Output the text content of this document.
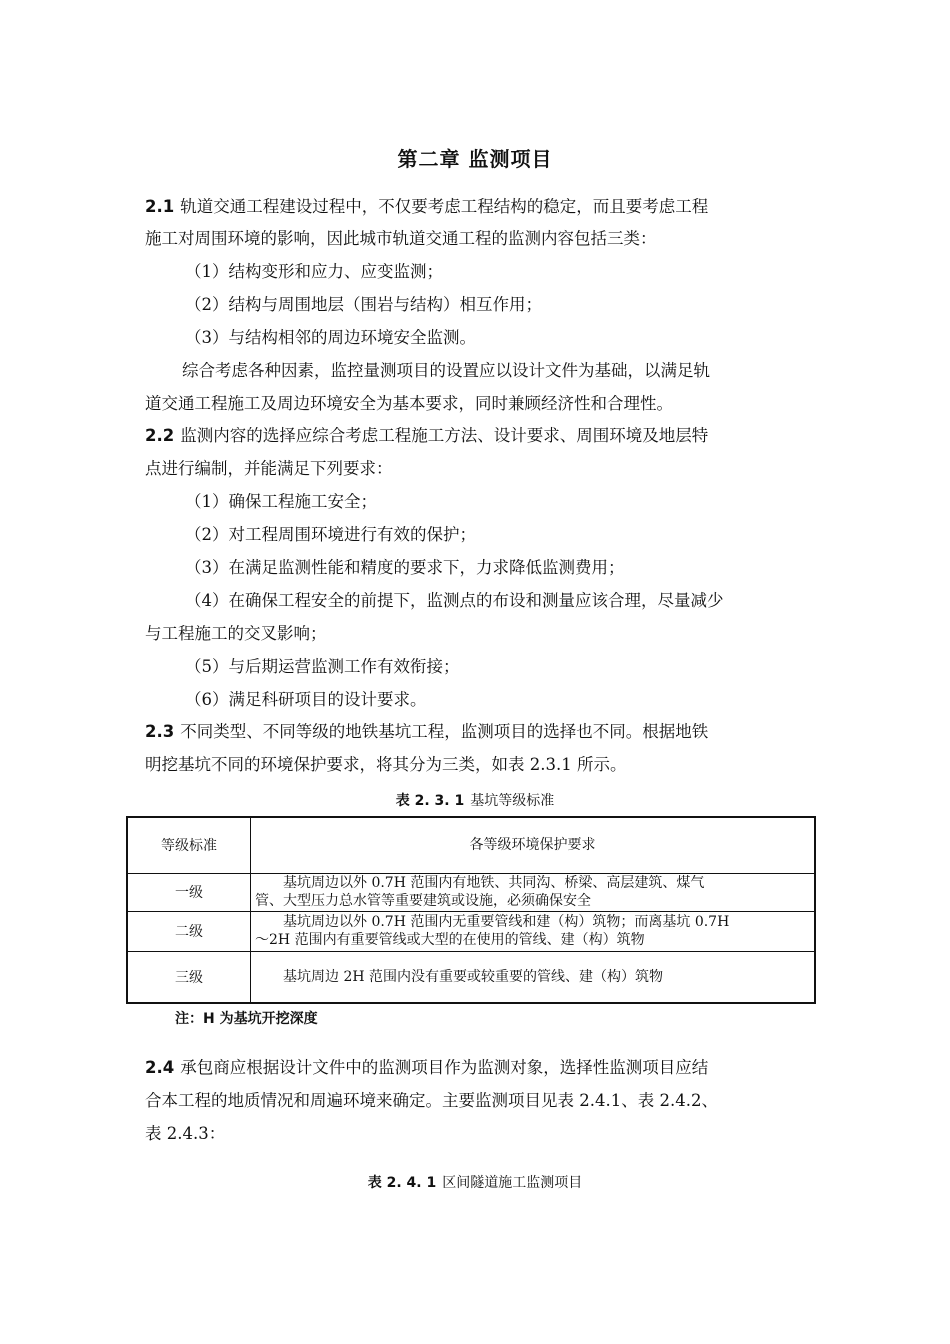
第二章 监测项目
2.1 轨道交通工程建设过程中，不仅要考虑工程结构的稳定，而且要考虑工程
施工对周围环境的影响，因此城市轨道交通工程的监测内容包括三类：
（1）结构变形和应力、应变监测；
（2）结构与周围地层（围岩与结构）相互作用；
（3）与结构相邻的周边环境安全监测。
综合考虑各种因素，监控量测项目的设置应以设计文件为基础，以满足轨
道交通工程施工及周边环境安全为基本要求，同时兼顾经济性和合理性。
2.2 监测内容的选择应综合考虑工程施工方法、设计要求、周围环境及地层特
点进行编制，并能满足下列要求：
（1）确保工程施工安全；
（2）对工程周围环境进行有效的保护；
（3）在满足监测性能和精度的要求下，力求降低监测费用；
（4）在确保工程安全的前提下，监测点的布设和测量应该合理，尽量减少
与工程施工的交叉影响；
（5）与后期运营监测工作有效衔接；
（6）满足科研项目的设计要求。
2.3 不同类型、不同等级的地铁基坑工程，监测项目的选择也不同。根据地铁
明挖基坑不同的环境保护要求，将其分为三类，如表 2.3.1 所示。
表 2. 3. 1 基坑等级标准
等级标准	各等级环境保护要求
一级	基坑周边以外 0.7H 范围内有地铁、共同沟、桥梁、高层建筑、煤气
管、大型压力总水管等重要建筑或设施，必须确保安全

二级	基坑周边以外 0.7H 范围内无重要管线和建（构）筑物；而离基坑 0.7H
～2H 范围内有重要管线或大型的在使用的管线、建（构）筑物

三级	基坑周边 2H 范围内没有重要或较重要的管线、建（构）筑物
注：H 为基坑开挖深度
2.4 承包商应根据设计文件中的监测项目作为监测对象，选择性监测项目应结
合本工程的地质情况和周遍环境来确定。主要监测项目见表 2.4.1、表 2.4.2、
表 2.4.3：
表 2. 4. 1 区间隧道施工监测项目
